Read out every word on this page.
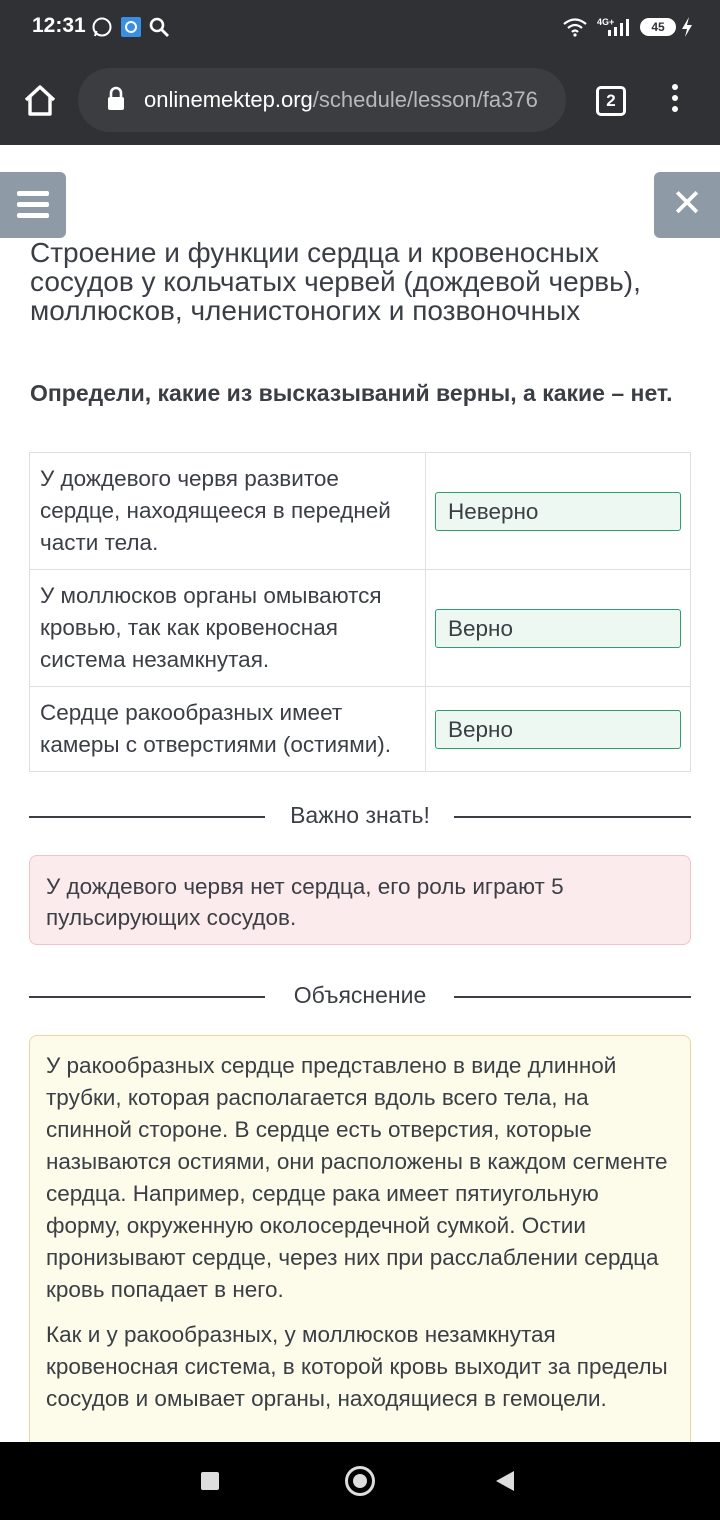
12:31	4G+	45
onlinemektep.org/schedule/lesson/fa376	2
✕
Строение и функции сердца и кровеносных сосудов у кольчатых червей (дождевой червь), моллюсков, членистоногих и позвоночных
Определи, какие из высказываний верны, а какие – нет.
У дождевого червя развитое сердце, находящееся в передней части тела.	Неверно

У моллюсков органы омываются кровью, так как кровеносная система незамкнутая.	Верно

Сердце ракообразных имеет камеры с отверстиями (остиями).	Верно
Важно знать!
У дождевого червя нет сердца, его роль играют 5 пульсирующих сосудов.
Объяснение

У ракообразных сердце представлено в виде длинной трубки, которая располагается вдоль всего тела, на спинной стороне. В сердце есть отверстия, которые называются остиями, они расположены в каждом сегменте сердца. Например, сердце рака имеет пятиугольную форму, окруженную околосердечной сумкой. Остии пронизывают сердце, через них при расслаблении сердца кровь попадает в него.

Как и у ракообразных, у моллюсков незамкнутая кровеносная система, в которой кровь выходит за пределы сосудов и омывает органы, находящиеся в гемоцели.
